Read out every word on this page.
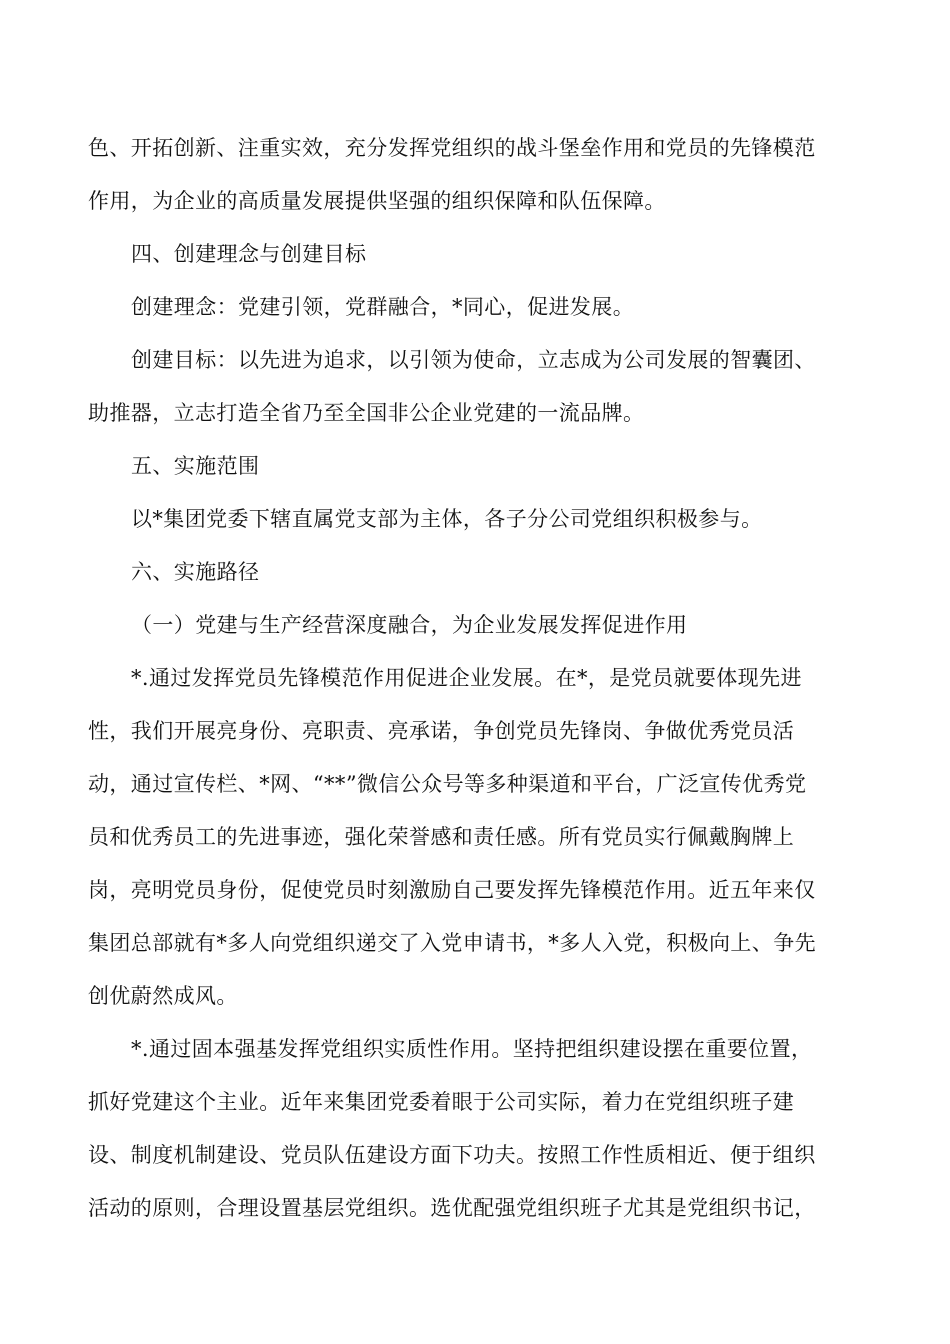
色、开拓创新、注重实效，充分发挥党组织的战斗堡垒作用和党员的先锋模范

作用，为企业的高质量发展提供坚强的组织保障和队伍保障。

四、创建理念与创建目标

创建理念：党建引领，党群融合，*同心，促进发展。

创建目标：以先进为追求，以引领为使命，立志成为公司发展的智囊团、

助推器，立志打造全省乃至全国非公企业党建的一流品牌。

五、实施范围

以*集团党委下辖直属党支部为主体，各子分公司党组织积极参与。

六、实施路径

（一）党建与生产经营深度融合，为企业发展发挥促进作用

*.通过发挥党员先锋模范作用促进企业发展。在*，是党员就要体现先进

性，我们开展亮身份、亮职责、亮承诺，争创党员先锋岗、争做优秀党员活

动，通过宣传栏、*网、“**”微信公众号等多种渠道和平台，广泛宣传优秀党

员和优秀员工的先进事迹，强化荣誉感和责任感。所有党员实行佩戴胸牌上

岗，亮明党员身份，促使党员时刻激励自己要发挥先锋模范作用。近五年来仅

集团总部就有*多人向党组织递交了入党申请书，*多人入党，积极向上、争先

创优蔚然成风。

*.通过固本强基发挥党组织实质性作用。坚持把组织建设摆在重要位置，

抓好党建这个主业。近年来集团党委着眼于公司实际，着力在党组织班子建

设、制度机制建设、党员队伍建设方面下功夫。按照工作性质相近、便于组织

活动的原则，合理设置基层党组织。选优配强党组织班子尤其是党组织书记，
